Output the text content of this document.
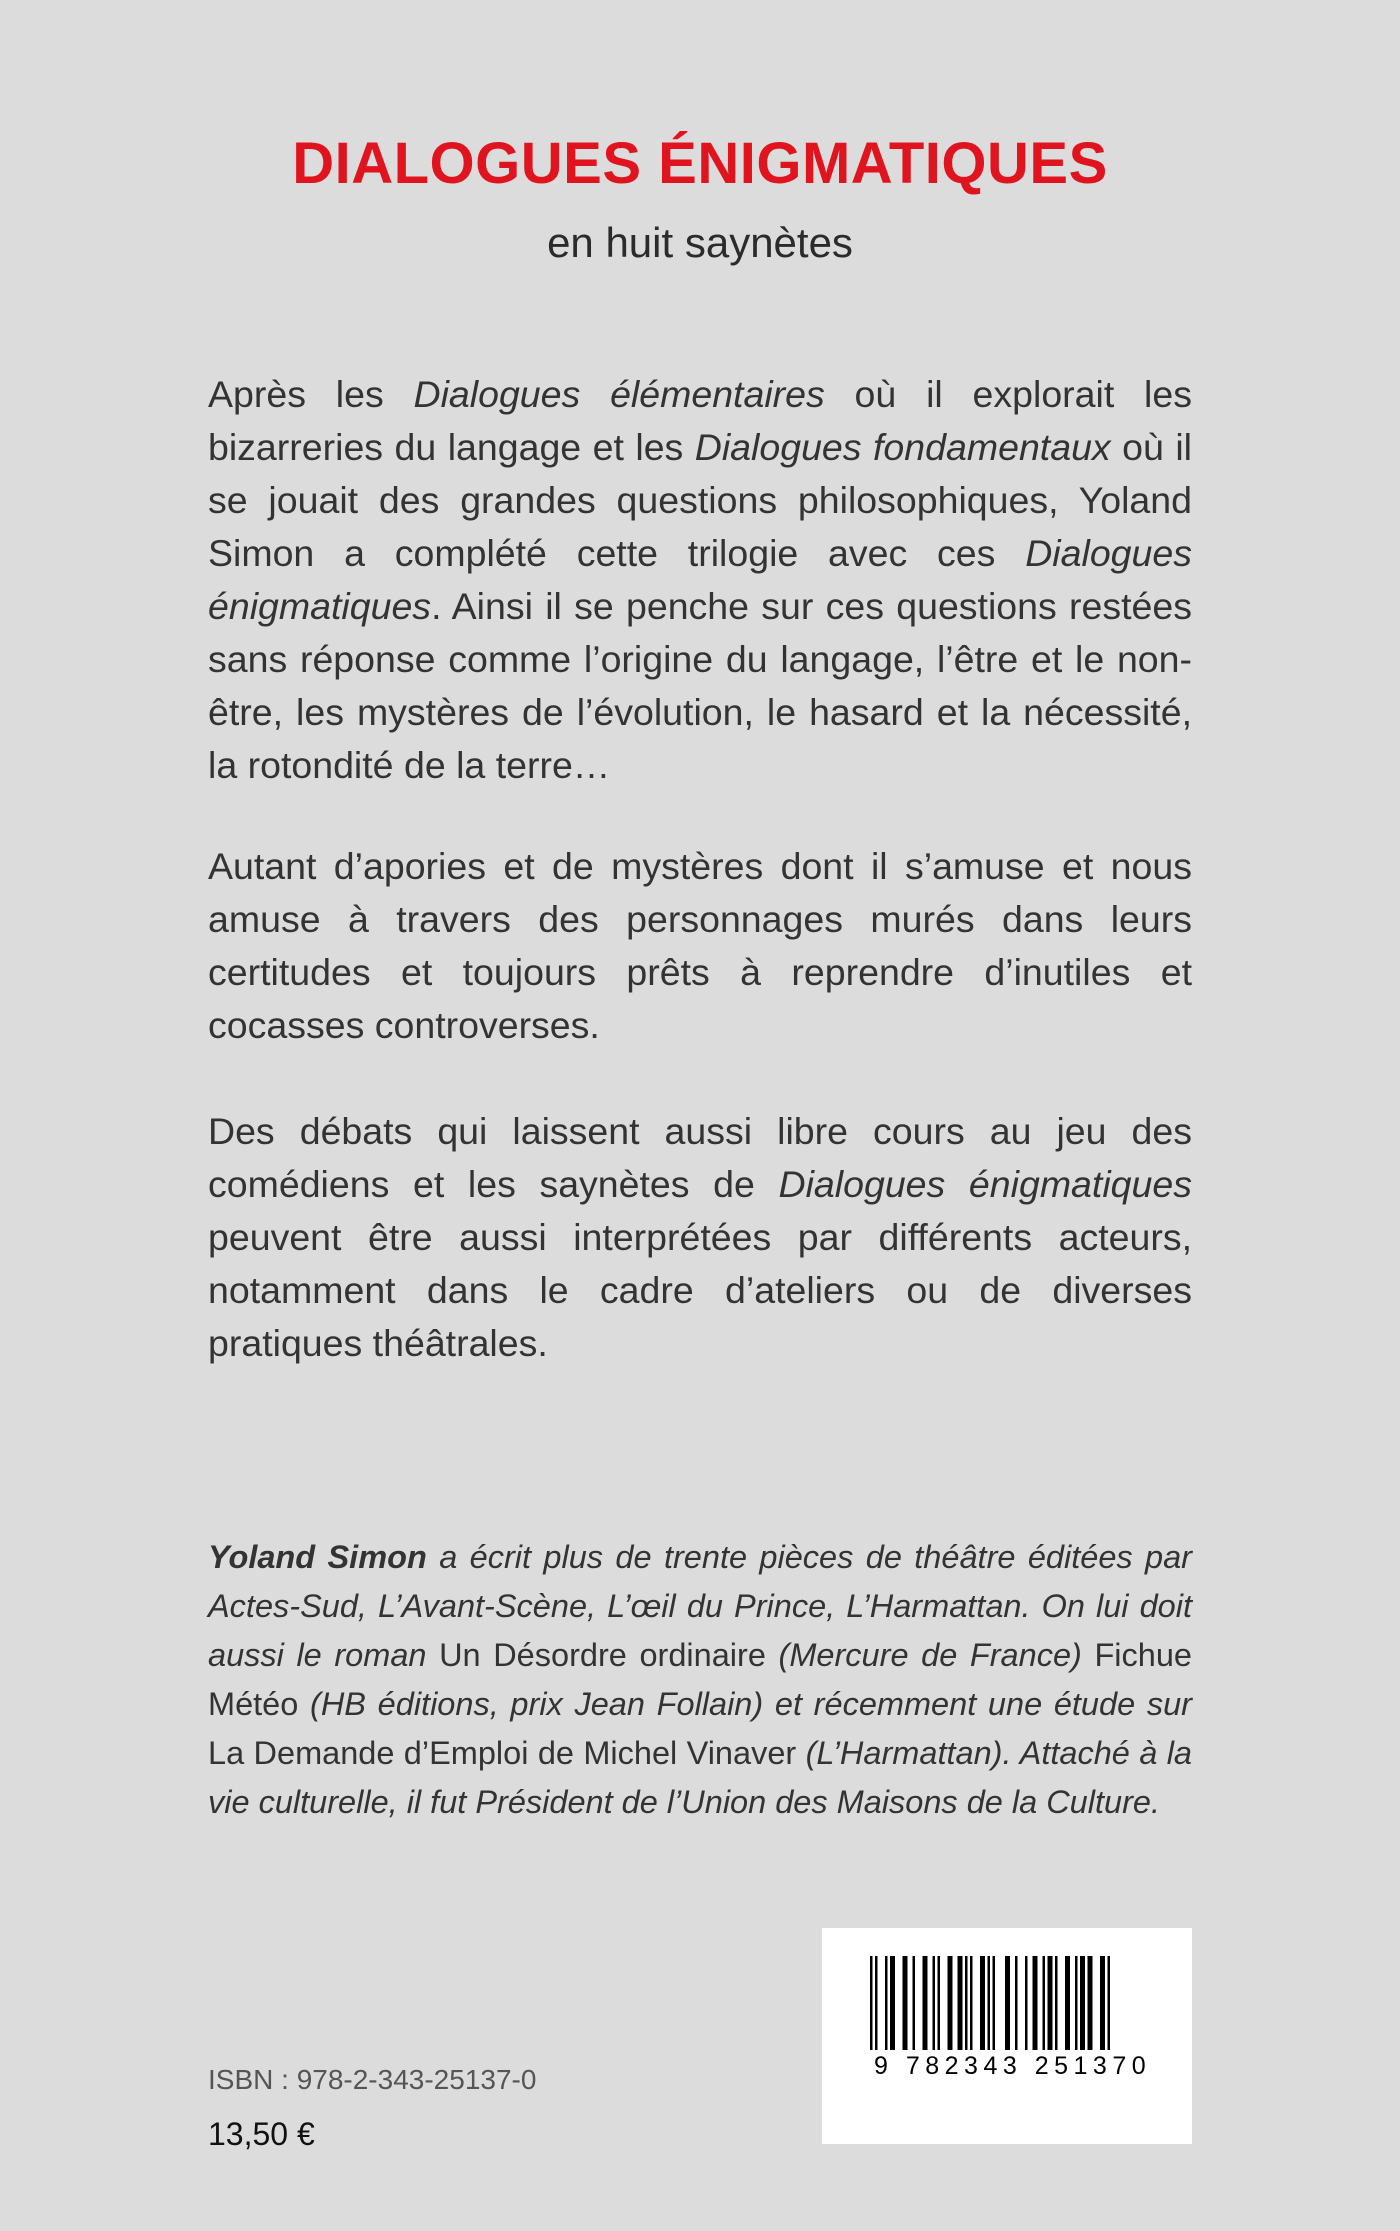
DIALOGUES ÉNIGMATIQUES
en huit saynètes
Après les Dialogues élémentaires où il explorait les bizarreries du langage et les Dialogues fondamentaux où il se jouait des grandes questions philosophiques, Yoland Simon a complété cette trilogie avec ces Dialogues énigmatiques. Ainsi il se penche sur ces questions restées sans réponse comme l’origine du langage, l’être et le non-être, les mystères de l’évolution, le hasard et la nécessité, la rotondité de la terre…
Autant d’apories et de mystères dont il s’amuse et nous amuse à travers des personnages murés dans leurs certitudes et toujours prêts à reprendre d’inutiles et cocasses controverses.
Des débats qui laissent aussi libre cours au jeu des comédiens et les saynètes de Dialogues énigmatiques peuvent être aussi interprétées par différents acteurs, notamment dans le cadre d’ateliers ou de diverses pratiques théâtrales.
Yoland Simon a écrit plus de trente pièces de théâtre éditées par Actes-Sud, L’Avant-Scène, L’œil du Prince, L’Harmattan. On lui doit aussi le roman Un Désordre ordinaire (Mercure de France) Fichue Météo (HB éditions, prix Jean Follain) et récemment une étude sur La Demande d’Emploi de Michel Vinaver (L’Harmattan). Attaché à la vie culturelle, il fut Président de l’Union des Maisons de la Culture.
9 782343 251370
ISBN : 978-2-343-25137-0
13,50 €
